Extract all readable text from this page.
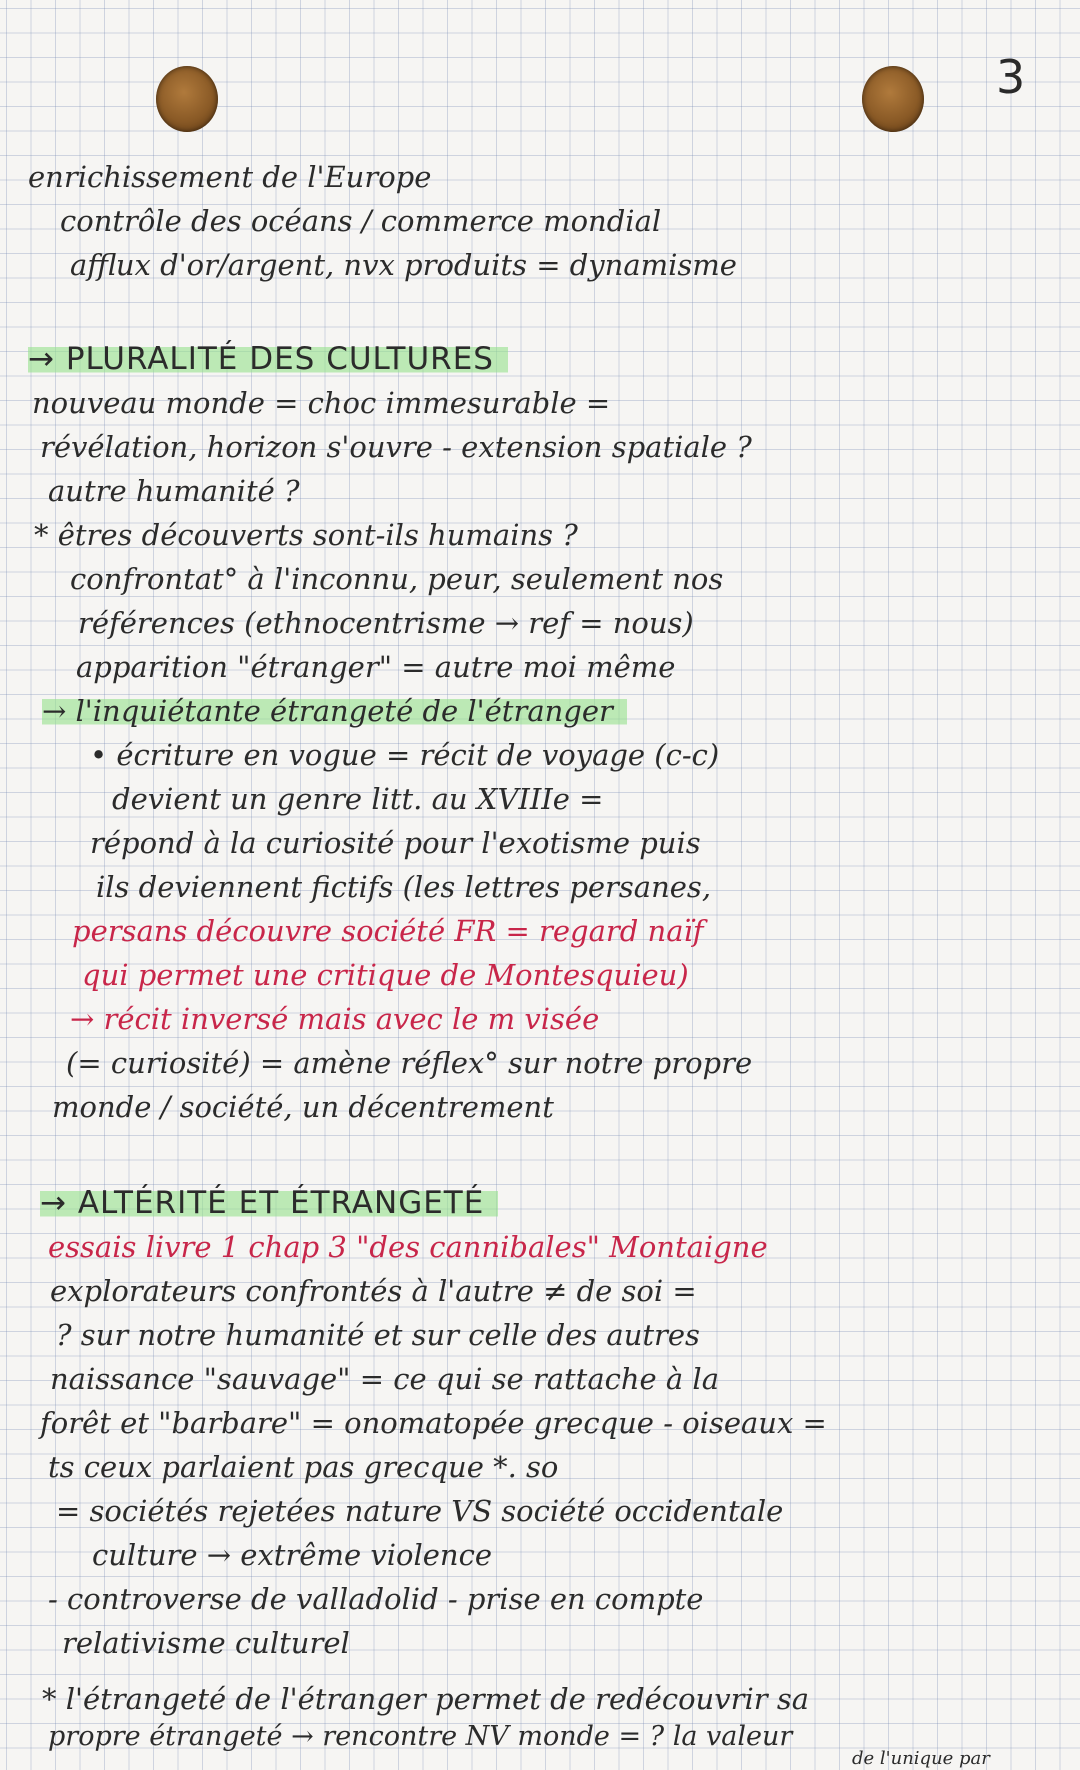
3
enrichissement de l'Europe
contrôle des océans / commerce mondial
afflux d'or/argent, nvx produits = dynamisme
→ PLURALITÉ DES CULTURES
nouveau monde = choc immesurable =
révélation, horizon s'ouvre - extension spatiale ?
autre humanité ?
* êtres découverts sont-ils humains ?
confrontat° à l'inconnu, peur, seulement nos
références (ethnocentrisme → ref = nous)
apparition "étranger" = autre moi même
→ l'inquiétante étrangeté de l'étranger
• écriture en vogue = récit de voyage (c-c)
devient un genre litt. au XVIIIe =
répond à la curiosité pour l'exotisme puis
ils deviennent fictifs (les lettres persanes,
persans découvre société FR = regard naïf
qui permet une critique de Montesquieu)
→ récit inversé mais avec le m visée
(= curiosité) = amène réflex° sur notre propre
monde / société, un décentrement
→ ALTÉRITÉ ET ÉTRANGETÉ
essais livre 1 chap 3 "des cannibales" Montaigne
explorateurs confrontés à l'autre ≠ de soi =
? sur notre humanité et sur celle des autres
naissance "sauvage" = ce qui se rattache à la
forêt et "barbare" = onomatopée grecque - oiseaux =
ts ceux parlaient pas grecque *. so
= sociétés rejetées nature VS société occidentale
culture → extrême violence
- controverse de valladolid - prise en compte
relativisme culturel
* l'étrangeté de l'étranger permet de redécouvrir sa
propre étrangeté → rencontre NV monde = ? la valeur
de l'unique par
